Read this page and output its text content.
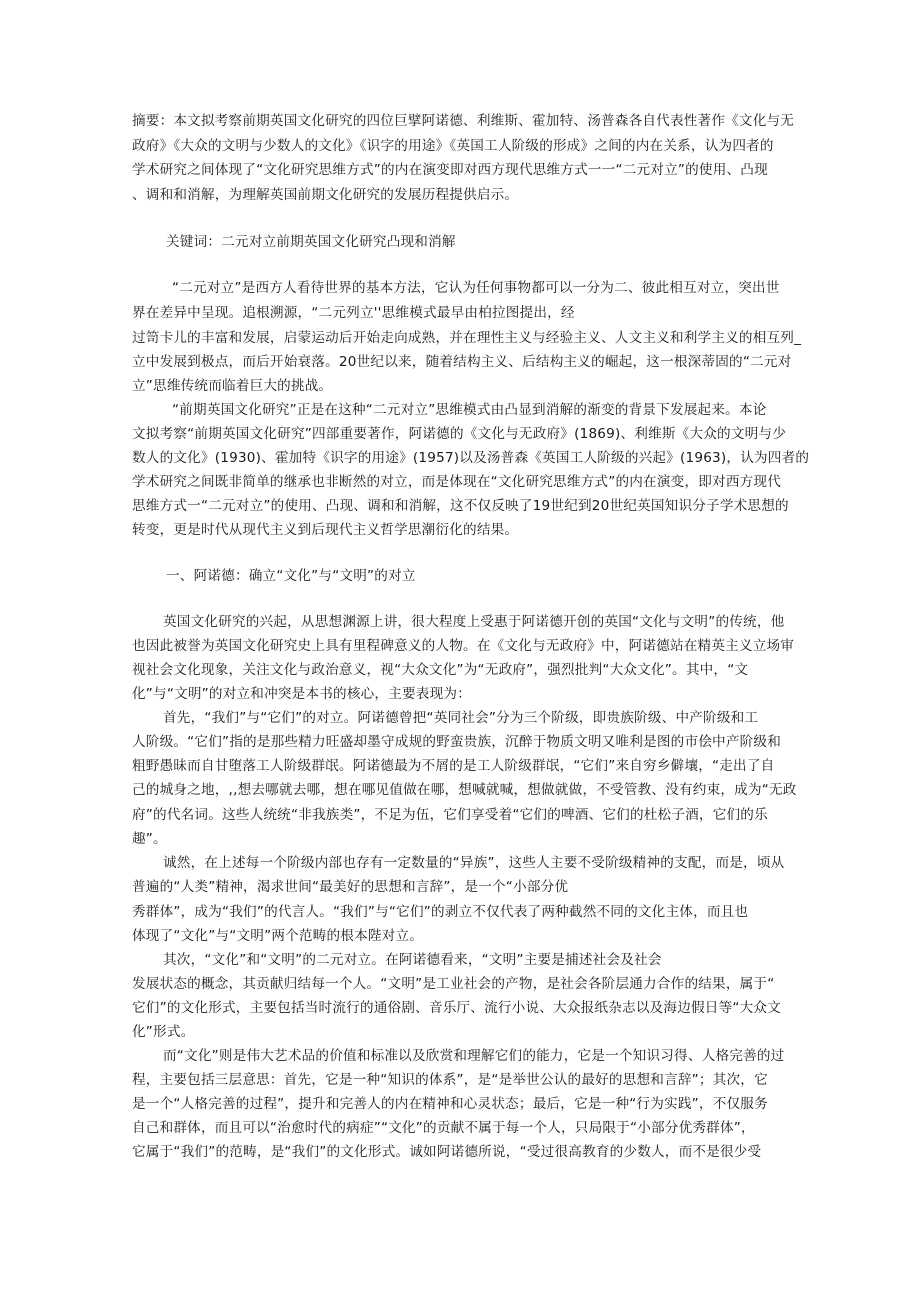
摘要：本文拟考察前期英国文化研究的四位巨擘阿诺德、利维斯、霍加特、汤普森各自代表性著作《文化与无
政府》《大众的文明与少数人的文化》《识字的用途》《英国工人阶级的形成》之间的内在关系，认为四者的
学术研究之间体现了“文化研究思维方式”的内在演变即对西方现代思维方式一一“二元对立”的使用、凸现
、调和和消解，为理解英国前期文化研究的发展历程提供启示。
关键词：二元对立前期英国文化研究凸现和消解
“二元对立”是西方人看待世界的基本方法，它认为任何事物都可以一分为二、彼此相互对立，突出世
界在差异中呈现。追根溯源，“二元列立''思维模式最早由柏拉图提出，经
过笥卡儿的丰富和发展，启蒙运动后开始走向成熟，并在理性主义与经验主义、人文主义和利学主义的相互列_
立中发展到极点，而后开始衰落。20世纪以来，随着结构主义、后结构主义的崛起，这一根深蒂固的“二元对
立”思维传统而临着巨大的挑战。
“前期英国文化研究”正是在这种“二元对立”思维模式由凸显到消解的渐变的背景下发展起来。本论
文拟考察“前期英国文化研究”四部重要著作，阿诺德的《文化与无政府》(1869)、利维斯《大众的文明与少
数人的文化》(1930)、霍加特《识字的用途》(1957)以及汤普森《英国工人阶级的兴起》(1963)，认为四者的
学术研究之间既非简单的继承也非断然的对立，而是体现在“文化研究思维方式”的内在演变，即对西方现代
思维方式一“二元对立”的使用、凸现、调和和消解，这不仅反映了19世纪到20世纪英国知识分子学术思想的
转变，更是时代从现代主义到后现代主义哲学思潮衍化的结果。
一、阿诺德：确立“文化”与“文明”的对立
英国文化研究的兴起，从思想渊源上讲，很大程度上受惠于阿诺德开创的英国“文化与文明”的传统，他
也因此被誉为英国文化研究史上具有里程碑意义的人物。在《文化与无政府》中，阿诺德站在精英主义立场审
视社会文化现象，关注文化与政治意义，视“大众文化”为“无政府”，强烈批判“大众文化”。其中，“文
化”与“文明”的对立和冲突是本书的核心，主要表现为：
首先，“我们”与“它们”的对立。阿诺德曾把“英同社会”分为三个阶级，即贵族阶级、中产阶级和工
人阶级。“它们”指的是那些精力旺盛却墨守成规的野蛮贵族，沉醉于物质文明又唯利是图的市侩中产阶级和
粗野愚昧而自甘堕落工人阶级群氓。阿诺德最为不屑的是工人阶级群氓，“它们”来自穷乡僻壤，“走出了自
己的城身之地，,,想去哪就去哪，想在哪见值做在哪，想喊就喊，想做就做，不受管教、没有约束，成为“无政
府”的代名词。这些人统统“非我族类”，不足为伍，它们享受着“它们的啤酒、它们的杜松子酒，它们的乐
趣”。
诚然，在上述每一个阶级内部也存有一定数量的“异族”，这些人主要不受阶级精神的支配，而是，顷从
普遍的“人类”精神，渴求世间“最美好的思想和言辞”，是一个“小部分优
秀群体”，成为“我们”的代言人。“我们”与“它们”的剥立不仅代表了两种截然不同的文化主体，而且也
体现了“文化”与“文明”两个范畴的根本陛对立。
其次，“文化”和“文明”的二元对立。在阿诺德看来，“文明”主要是捕述社会及社会
发展状态的概念，其贡献归结每一个人。“文明”是工业社会的产物，是社会各阶层通力合作的结果，属于“
它们”的文化形式，主要包括当时流行的通俗剧、音乐厅、流行小说、大众报纸杂志以及海边假日等“大众文
化”形式。
而“文化”则是伟大艺术品的价值和标准以及欣赏和理解它们的能力，它是一个知识习得、人格完善的过
程，主要包括三层意思：首先，它是一种“知识的体系”，是“是举世公认的最好的思想和言辞”；其次，它
是一个“人格完善的过程”，提升和完善人的内在精神和心灵状态；最后，它是一种“行为实践”，不仅服务
自己和群体，而且可以“治愈时代的病症”“文化”的贡献不属于每一个人，只局限于“小部分优秀群体”，
它属于“我们”的范畴，是“我们”的文化形式。诚如阿诺德所说，“受过很高教育的少数人，而不是很少受
